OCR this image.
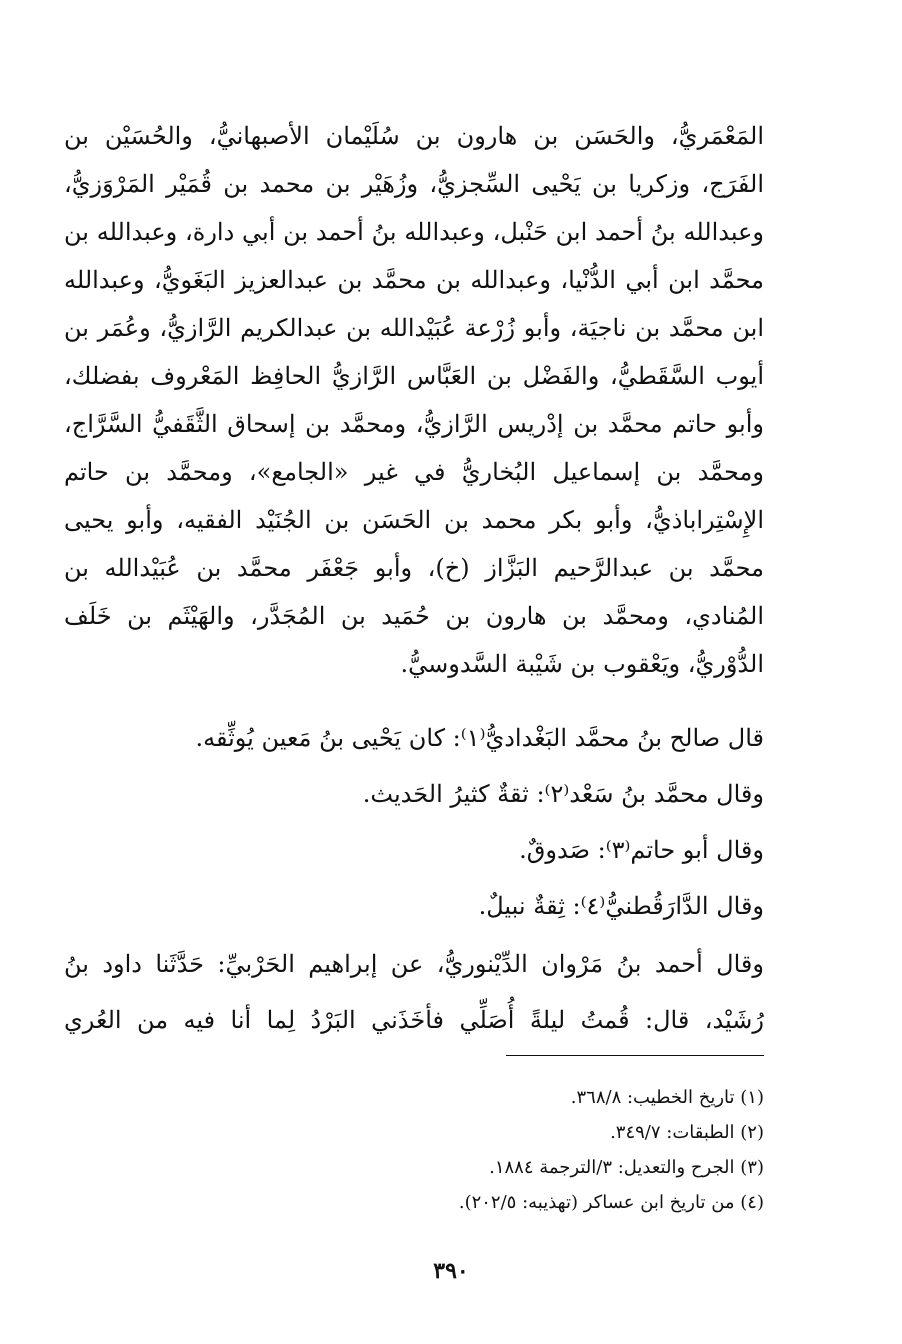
المَعْمَريُّ، والحَسَن بن هارون بن سُلَيْمان الأصبهانيُّ، والحُسَيْن بن الفَرَج، وزكريا بن يَحْيى السِّجزيُّ، وزُهَيْر بن محمد بن قُمَيْر المَرْوَزيُّ، وعبدالله بنُ أحمد ابن حَنْبل، وعبدالله بنُ أحمد بن أبي دارة، وعبدالله بن محمَّد ابن أبي الدُّنْيا، وعبدالله بن محمَّد بن عبدالعزيز البَغَويُّ، وعبدالله ابن محمَّد بن ناجيَة، وأبو زُرْعة عُبَيْدالله بن عبدالكريم الرَّازيُّ، وعُمَر بن أيوب السَّقَطيُّ، والفَضْل بن العَبَّاس الرَّازيُّ الحافِظ المَعْروف بفضلك، وأبو حاتم محمَّد بن إدْريس الرَّازيُّ، ومحمَّد بن إسحاق الثَّقَفيُّ السَّرَّاج، ومحمَّد بن إسماعيل البُخاريُّ في غير «الجامع»، ومحمَّد بن حاتم الإِسْتِراباذيُّ، وأبو بكر محمد بن الحَسَن بن الجُنَيْد الفقيه، وأبو يحيى محمَّد بن عبدالرَّحيم البَزَّاز (خ)، وأبو جَعْفَر محمَّد بن عُبَيْدالله بن المُنادي، ومحمَّد بن هارون بن حُمَيد بن المُجَدَّر، والهَيْثَم بن خَلَف الدُّوْريُّ، ويَعْقوب بن شَيْبة السَّدوسيُّ.

قال صالح بنُ محمَّد البَغْداديُّ⁽١⁾: كان يَحْيى بنُ مَعين يُوثِّقه.

وقال محمَّد بنُ سَعْد⁽٢⁾: ثقةٌ كثيرُ الحَديث.

وقال أبو حاتم⁽٣⁾: صَدوقٌ.

وقال الدَّارَقُطنيُّ⁽٤⁾: ثِقةٌ نبيلٌ.

وقال أحمد بنُ مَرْوان الدِّيْنوريُّ، عن إبراهيم الحَرْبيِّ: حَدَّثَنا داود بنُ رُشَيْد، قال: قُمتُ ليلةً أُصَلِّي فأخَذَني البَرْدُ لِما أنا فيه من العُري

(١) تاريخ الخطيب: ٣٦٨/٨.

(٢) الطبقات: ٣٤٩/٧.

(٣) الجرح والتعديل: ٣/الترجمة ١٨٨٤.

(٤) من تاريخ ابن عساكر (تهذيبه: ٢٠٢/٥).

٣٩٠
